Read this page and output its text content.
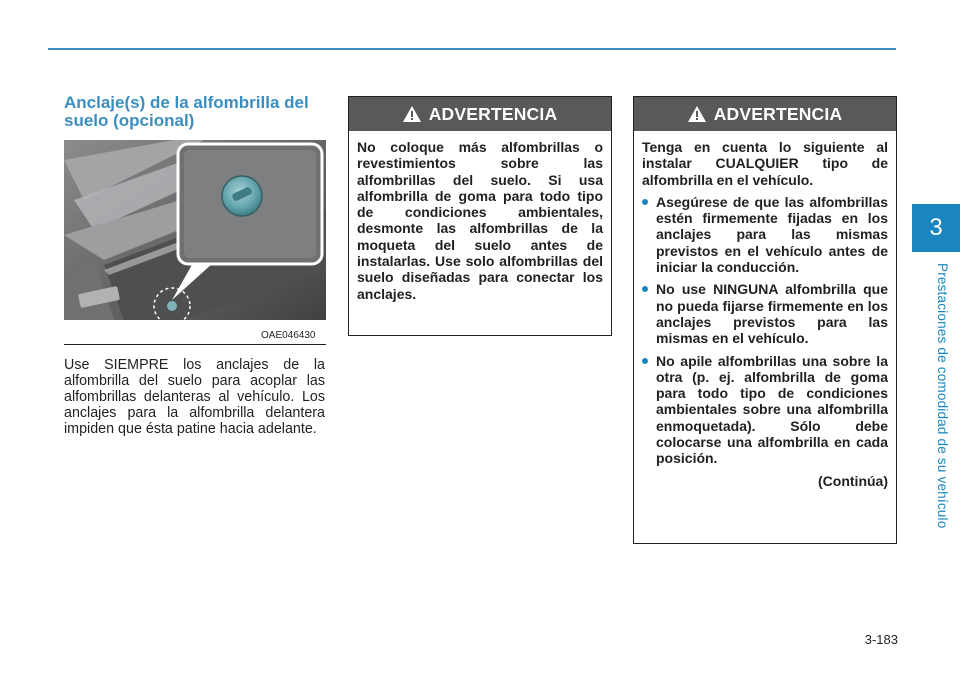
3
Prestaciones de comodidad de su vehículo
Anclaje(s) de la alfombrilla del suelo (opcional)
OAE046430

Use SIEMPRE los anclajes de la alfombrilla del suelo para acoplar las alfombrillas delanteras al vehículo. Los anclajes para la alfombrilla delantera impiden que ésta patine hacia adelante.

ADVERTENCIA

No coloque más alfombrillas o revestimientos sobre las alfombrillas del suelo. Si usa alfombrilla de goma para todo tipo de condiciones ambientales, desmonte las alfombrillas de la moqueta del suelo antes de instalarlas. Use solo alfombrillas del suelo diseñadas para conectar los anclajes.

ADVERTENCIA

Tenga en cuenta lo siguiente al instalar CUALQUIER tipo de alfombrilla en el vehículo.

Asegúrese de que las alfombrillas estén firmemente fijadas en los anclajes para las mismas previstos en el vehículo antes de iniciar la conducción.
No use NINGUNA alfombrilla que no pueda fijarse firmemente en los anclajes previstos para las mismas en el vehículo.
No apile alfombrillas una sobre la otra (p. ej. alfombrilla de goma para todo tipo de condiciones ambientales sobre una alfombrilla enmoquetada). Sólo debe colocarse una alfombrilla en cada posición.

(Continúa)

3-183
